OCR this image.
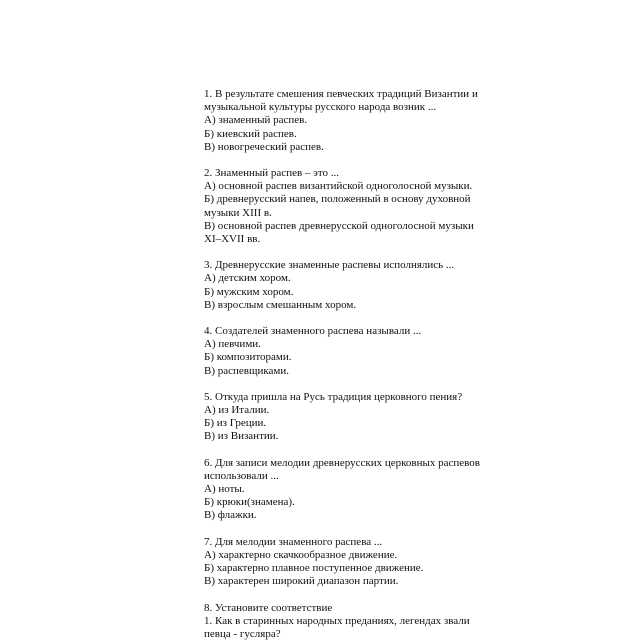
1. В результате смешения певческих традиций Византии и
музыкальной культуры русского народа возник ...
А) знаменный распев.
Б) киевский распев.
В) новогреческий распев.
2. Знаменный распев – это ...
А) основной распев византийской одноголосной музыки.
Б) древнерусский напев, положенный в основу духовной
музыки XIII в.
В) основной распев древнерусской одноголосной музыки
XI–XVII вв.
3. Древнерусские знаменные распевы исполнялись ...
А) детским хором.
Б) мужским хором.
В) взрослым смешанным хором.
4. Создателей знаменного распева называли ...
А) певчими.
Б) композиторами.
В) распевщиками.
5. Откуда пришла на Русь традиция церковного пения?
А) из Италии.
Б) из Греции.
В) из Византии.
6. Для записи мелодии древнерусских церковных распевов
использовали ...
А) ноты.
Б) крюки(знамена).
В) флажки.
7. Для мелодии знаменного распева ...
А) характерно скачкообразное движение.
Б) характерно плавное поступенное движение.
В) характерен широкий диапазон партии.
8. Установите соответствие
1. Как в старинных народных преданиях, легендах звали
певца - гусляра?
